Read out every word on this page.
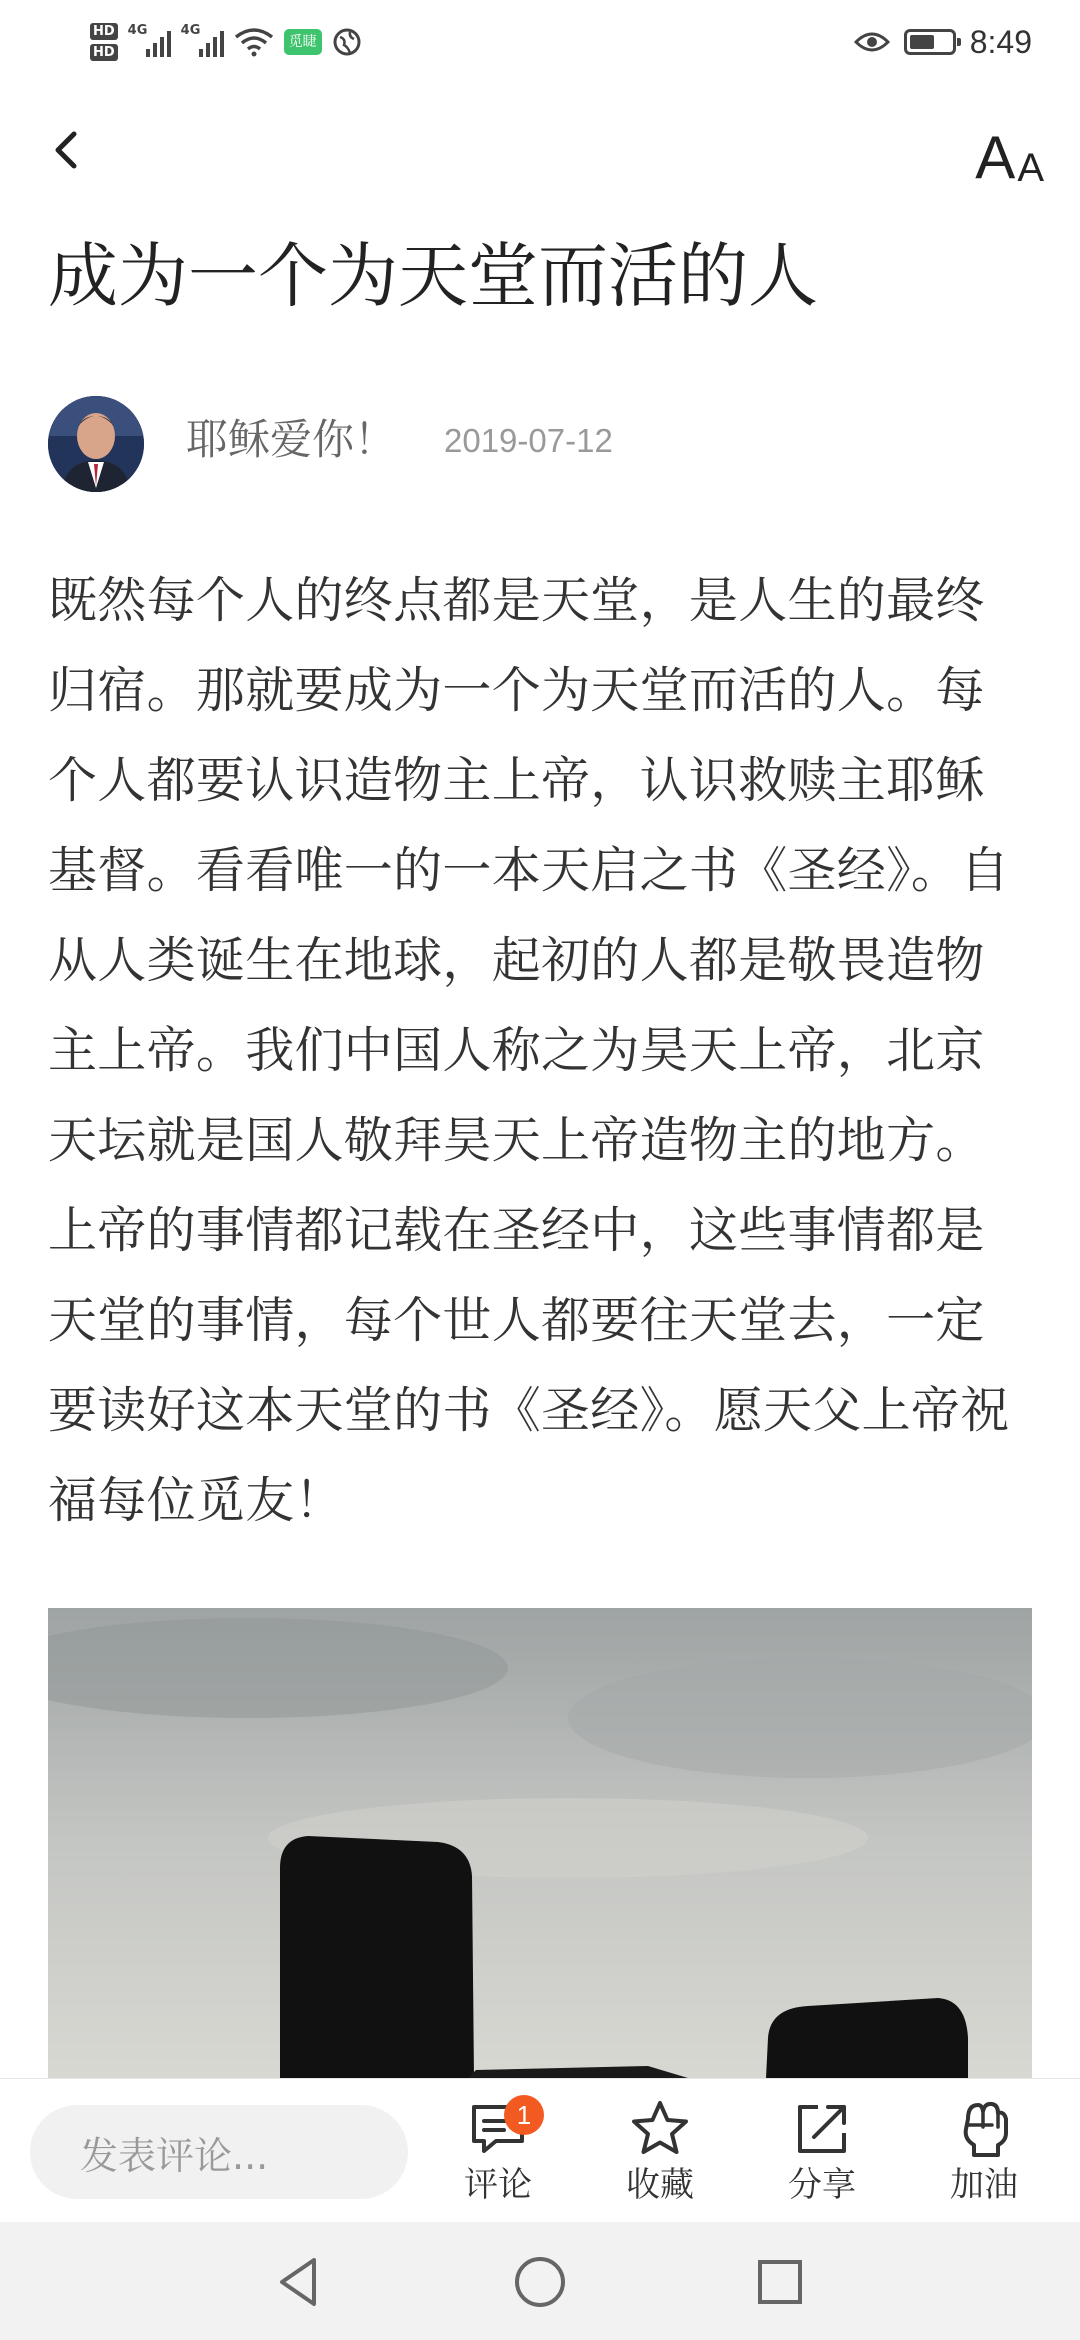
HD
HD
4G	4G
觅睫	8:49
A A
成为一个为天堂而活的人
耶稣爱你！ 2019-07-12

既然每个人的终点都是天堂，是人生的最终归宿。那就要成为一个为天堂而活的人。每个人都要认识造物主上帝，认识救赎主耶稣基督。看看唯一的一本天启之书《圣经》。自从人类诞生在地球，起初的人都是敬畏造物主上帝。我们中国人称之为昊天上帝，北京天坛就是国人敬拜昊天上帝造物主的地方。上帝的事情都记载在圣经中，这些事情都是天堂的事情，每个世人都要往天堂去，一定要读好这本天堂的书《圣经》。愿天父上帝祝福每位觅友！

发表评论...
1
评论	收藏	分享	加油
